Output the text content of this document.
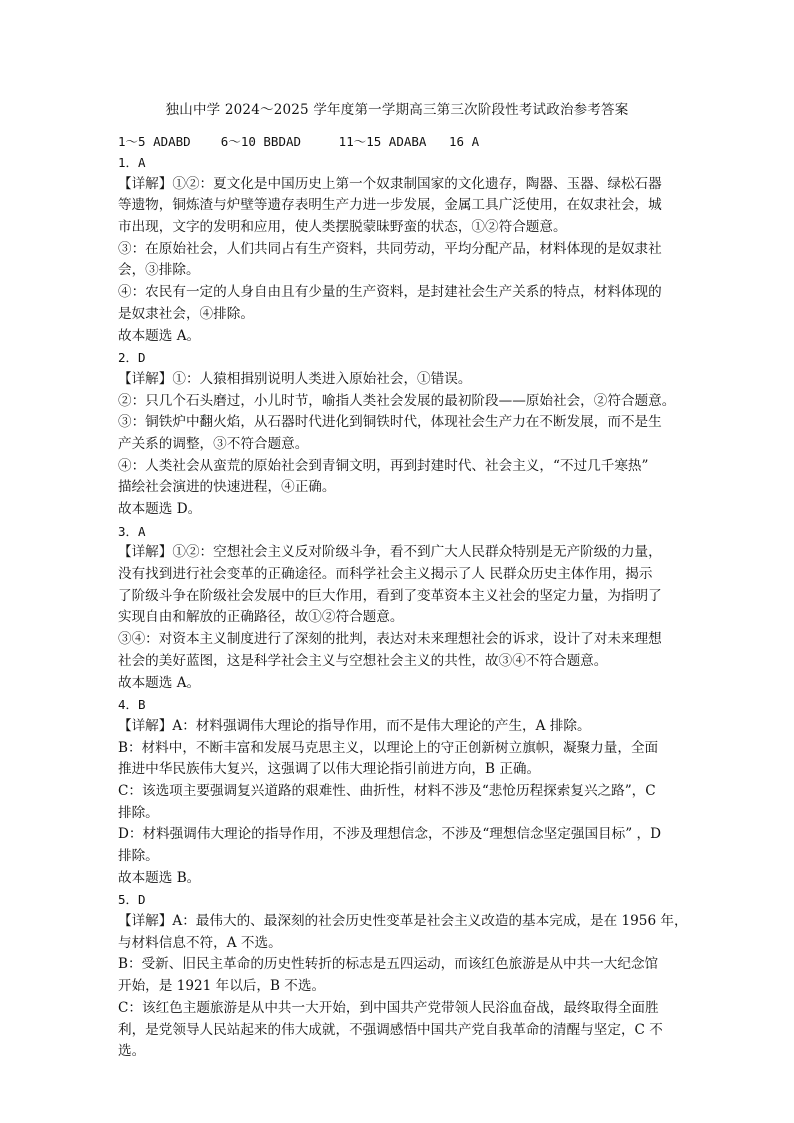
独山中学 2024～2025 学年度第一学期高三第三次阶段性考试政治参考答案
1～5 ADABD    6～10 BBDAD     11～15 ADABA   16 A
1．A
【详解】①②：夏文化是中国历史上第一个奴隶制国家的文化遗存，陶器、玉器、绿松石器
等遗物，铜炼渣与炉壁等遗存表明生产力进一步发展，金属工具广泛使用，在奴隶社会，城
市出现，文字的发明和应用，使人类摆脱蒙昧野蛮的状态，①②符合题意。
③：在原始社会，人们共同占有生产资料，共同劳动，平均分配产品，材料体现的是奴隶社
会，③排除。
④：农民有一定的人身自由且有少量的生产资料，是封建社会生产关系的特点，材料体现的
是奴隶社会，④排除。
故本题选 A。
2．D
【详解】①：人猿相揖别说明人类进入原始社会，①错误。
②：只几个石头磨过，小儿时节，喻指人类社会发展的最初阶段——原始社会，②符合题意。
③：铜铁炉中翻火焰，从石器时代进化到铜铁时代，体现社会生产力在不断发展，而不是生
产关系的调整，③不符合题意。
④：人类社会从蛮荒的原始社会到青铜文明，再到封建时代、社会主义，“不过几千寒热”
描绘社会演进的快速进程，④正确。
故本题选 D。
3．A
【详解】①②：空想社会主义反对阶级斗争，看不到广大人民群众特别是无产阶级的力量，
没有找到进行社会变革的正确途径。而科学社会主义揭示了人 民群众历史主体作用，揭示
了阶级斗争在阶级社会发展中的巨大作用，看到了变革资本主义社会的坚定力量，为指明了
实现自由和解放的正确路径，故①②符合题意。
③④：对资本主义制度进行了深刻的批判，表达对未来理想社会的诉求，设计了对未来理想
社会的美好蓝图，这是科学社会主义与空想社会主义的共性，故③④不符合题意。
故本题选 A。
4．B
【详解】A：材料强调伟大理论的指导作用，而不是伟大理论的产生，A 排除。
B：材料中，不断丰富和发展马克思主义，以理论上的守正创新树立旗帜，凝聚力量，全面
推进中华民族伟大复兴，这强调了以伟大理论指引前进方向，B 正确。
C：该选项主要强调复兴道路的艰难性、曲折性，材料不涉及“悲怆历程探索复兴之路”，C
排除。
D：材料强调伟大理论的指导作用，不涉及理想信念，不涉及“理想信念坚定强国目标” ，D
排除。
故本题选 B。
5．D
【详解】A：最伟大的、最深刻的社会历史性变革是社会主义改造的基本完成，是在 1956 年，
与材料信息不符，A 不选。
B：受新、旧民主革命的历史性转折的标志是五四运动，而该红色旅游是从中共一大纪念馆
开始，是 1921 年以后，B 不选。
C：该红色主题旅游是从中共一大开始，到中国共产党带领人民浴血奋战，最终取得全面胜
利，是党领导人民站起来的伟大成就，不强调感悟中国共产党自我革命的清醒与坚定，C 不
选。
